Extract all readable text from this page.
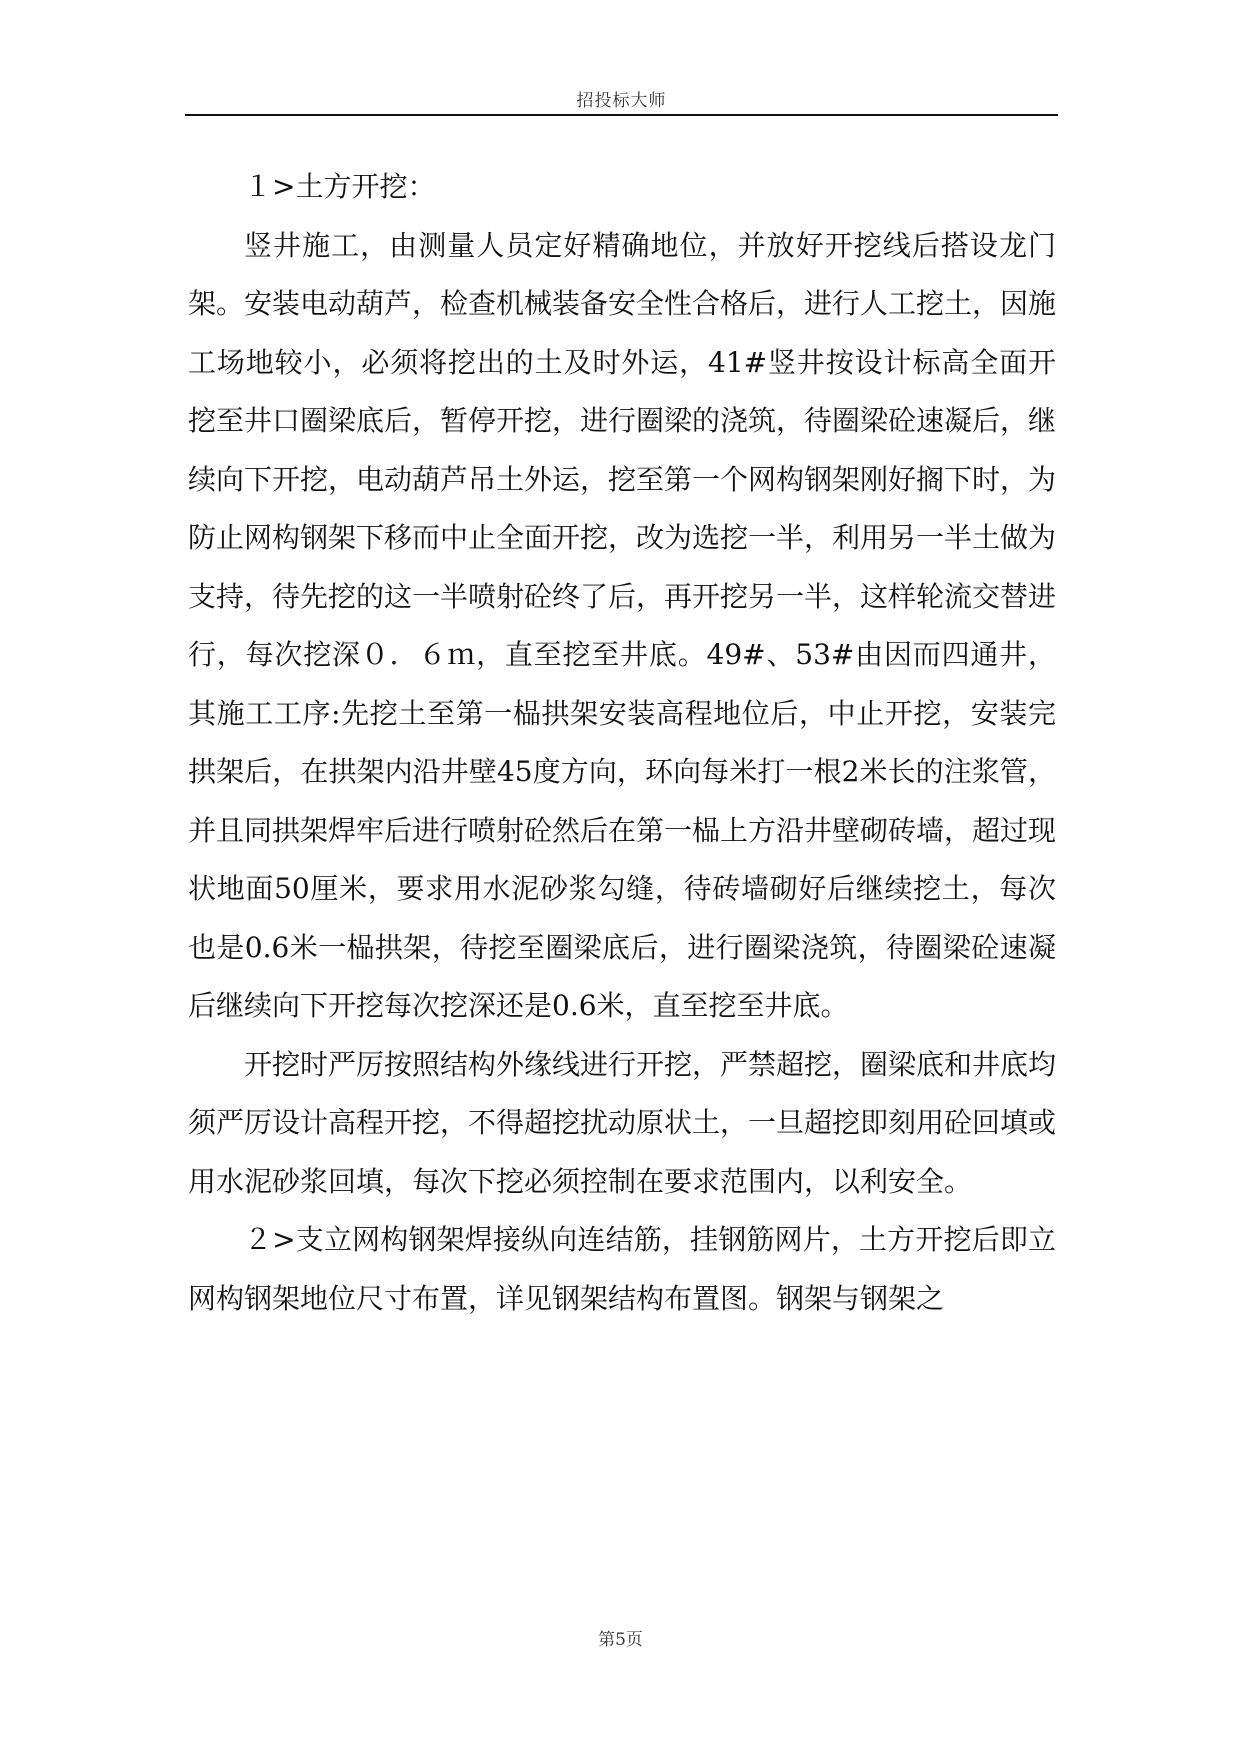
招投标大师

１>土方开挖：

竖井施工，由测量人员定好精确地位，并放好开挖线后搭设龙门架。安装电动葫芦，检查机械装备安全性合格后，进行人工挖土，因施工场地较小，必须将挖出的土及时外运，41#竖井按设计标高全面开挖至井口圈梁底后，暂停开挖，进行圈梁的浇筑，待圈梁砼速凝后，继续向下开挖，电动葫芦吊土外运，挖至第一个网构钢架刚好搁下时，为防止网构钢架下移而中止全面开挖，改为选挖一半，利用另一半土做为支持，待先挖的这一半喷射砼终了后，再开挖另一半，这样轮流交替进行，每次挖深０．６ｍ，直至挖至井底。49#、53#由因而四通井，其施工工序:先挖土至第一榀拱架安装高程地位后，中止开挖，安装完拱架后，在拱架内沿井壁45度方向，环向每米打一根2米长的注浆管，并且同拱架焊牢后进行喷射砼然后在第一榀上方沿井壁砌砖墙，超过现状地面50厘米，要求用水泥砂浆勾缝，待砖墙砌好后继续挖土，每次也是0.6米一榀拱架，待挖至圈梁底后，进行圈梁浇筑，待圈梁砼速凝后继续向下开挖每次挖深还是0.6米，直至挖至井底。

开挖时严厉按照结构外缘线进行开挖，严禁超挖，圈梁底和井底均须严厉设计高程开挖，不得超挖扰动原状土，一旦超挖即刻用砼回填或用水泥砂浆回填，每次下挖必须控制在要求范围内，以利安全。

２>支立网构钢架焊接纵向连结筋，挂钢筋网片，土方开挖后即立网构钢架地位尺寸布置，详见钢架结构布置图。钢架与钢架之

第5页
